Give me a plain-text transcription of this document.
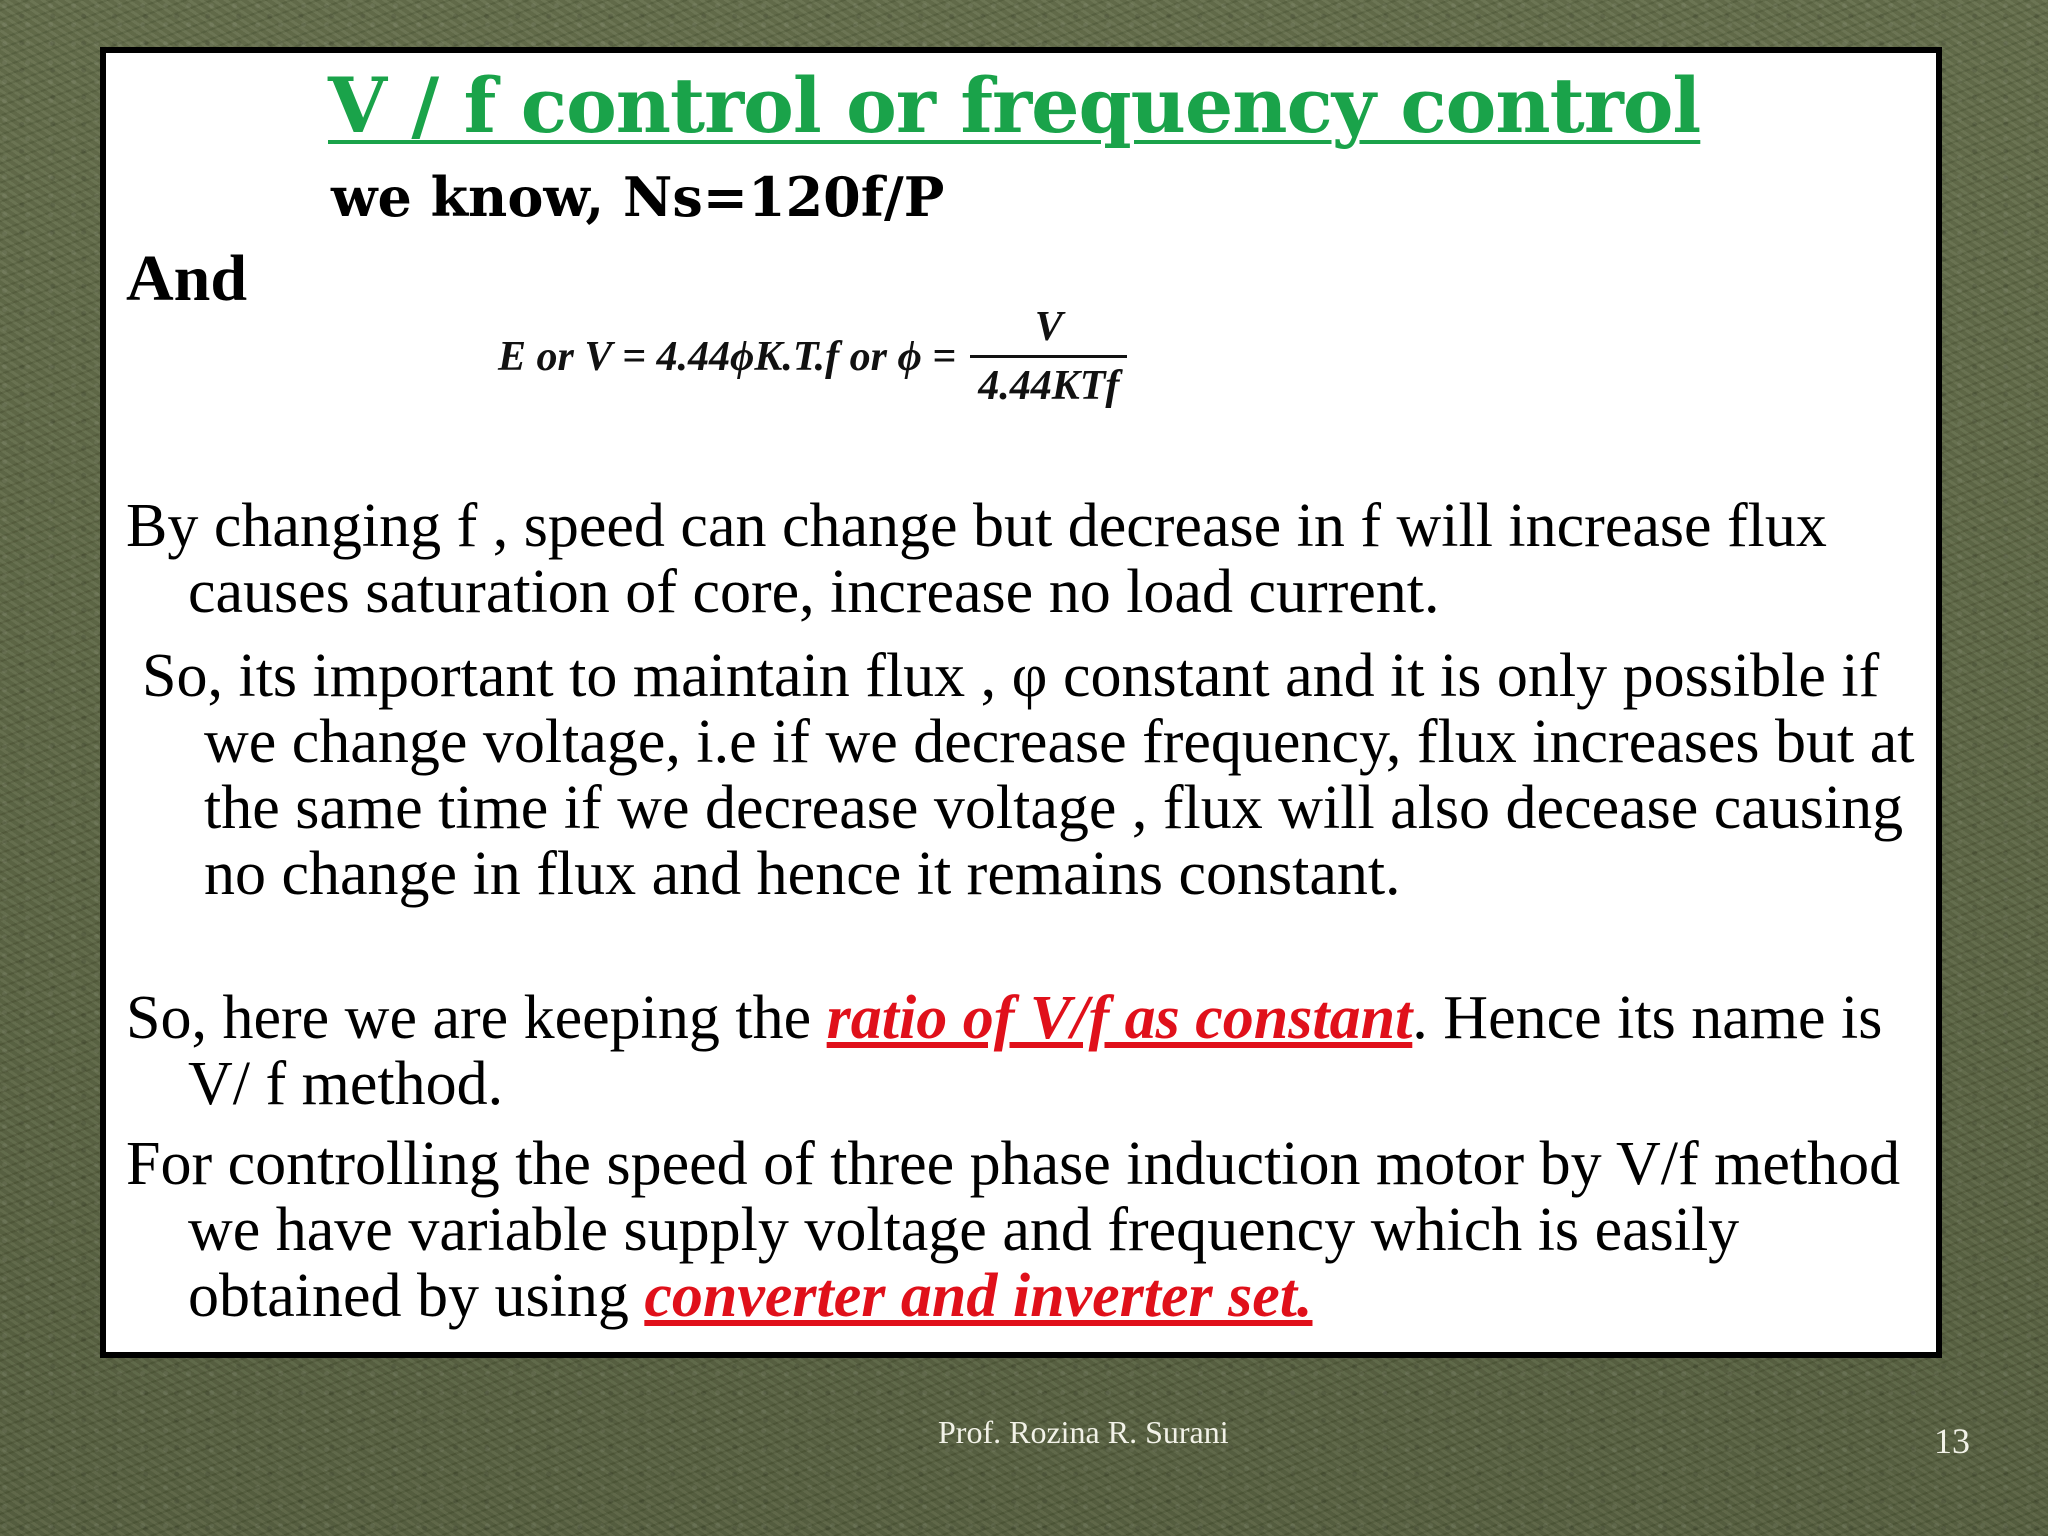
V / f control or frequency control
we know, Ns=120f/P
And
E or V = 4.44ϕK.T.f or $\phi = \frac{V}{\text{4.44KTf}}$

By changing f , speed can change but decrease in f will increase flux causes saturation of core, increase no load current.

So, its important to maintain flux , φ constant and it is only possible if we change voltage, i.e if we decrease frequency, flux increases but at the same time if we decrease voltage , flux will also decease causing no change in flux and hence it remains constant.

So, here we are keeping the ratio of V/f as constant. Hence its name is V/ f method.

For controlling the speed of three phase induction motor by V/f method we have variable supply voltage and frequency which is easily obtained by using converter and inverter set.

Prof. Rozina R. Surani	13
